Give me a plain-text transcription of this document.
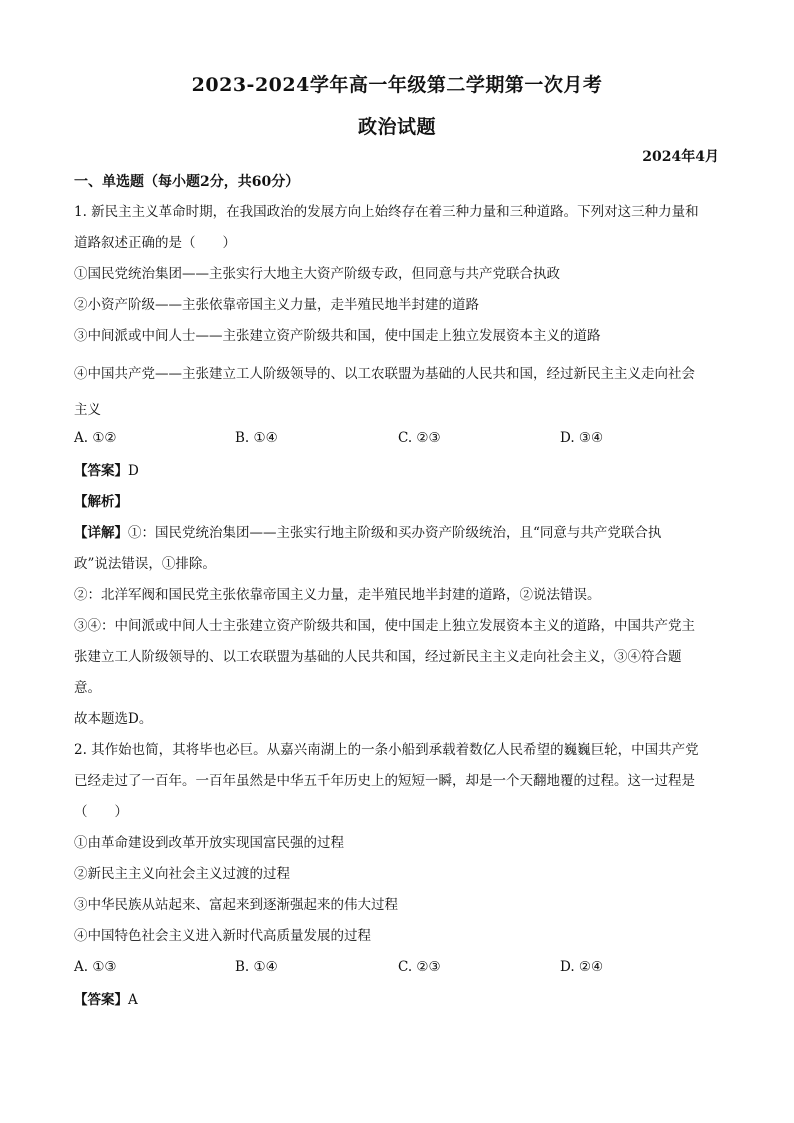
2023-2024学年高一年级第二学期第一次月考
政治试题
2024年4月
一、单选题（每小题2分，共60分）
1. 新民主主义革命时期，在我国政治的发展方向上始终存在着三种力量和三种道路。下列对这三种力量和
道路叙述正确的是（　　）
①国民党统治集团——主张实行大地主大资产阶级专政，但同意与共产党联合执政
②小资产阶级——主张依靠帝国主义力量，走半殖民地半封建的道路
③中间派或中间人士——主张建立资产阶级共和国，使中国走上独立发展资本主义的道路
④中国共产党——主张建立工人阶级领导的、以工农联盟为基础的人民共和国，经过新民主主义走向社会
主义
A. ①②	B. ①④	C. ②③	D. ③④
【答案】D
【解析】
【详解】①：国民党统治集团——主张实行地主阶级和买办资产阶级统治，且“同意与共产党联合执
政”说法错误，①排除。
②：北洋军阀和国民党主张依靠帝国主义力量，走半殖民地半封建的道路，②说法错误。
③④：中间派或中间人士主张建立资产阶级共和国，使中国走上独立发展资本主义的道路，中国共产党主
张建立工人阶级领导的、以工农联盟为基础的人民共和国，经过新民主主义走向社会主义，③④符合题
意。
故本题选D。
2. 其作始也简，其将毕也必巨。从嘉兴南湖上的一条小船到承载着数亿人民希望的巍巍巨轮，中国共产党
已经走过了一百年。一百年虽然是中华五千年历史上的短短一瞬，却是一个天翻地覆的过程。这一过程是
（　　）
①由革命建设到改革开放实现国富民强的过程
②新民主主义向社会主义过渡的过程
③中华民族从站起来、富起来到逐渐强起来的伟大过程
④中国特色社会主义进入新时代高质量发展的过程
A. ①③	B. ①④	C. ②③	D. ②④
【答案】A
